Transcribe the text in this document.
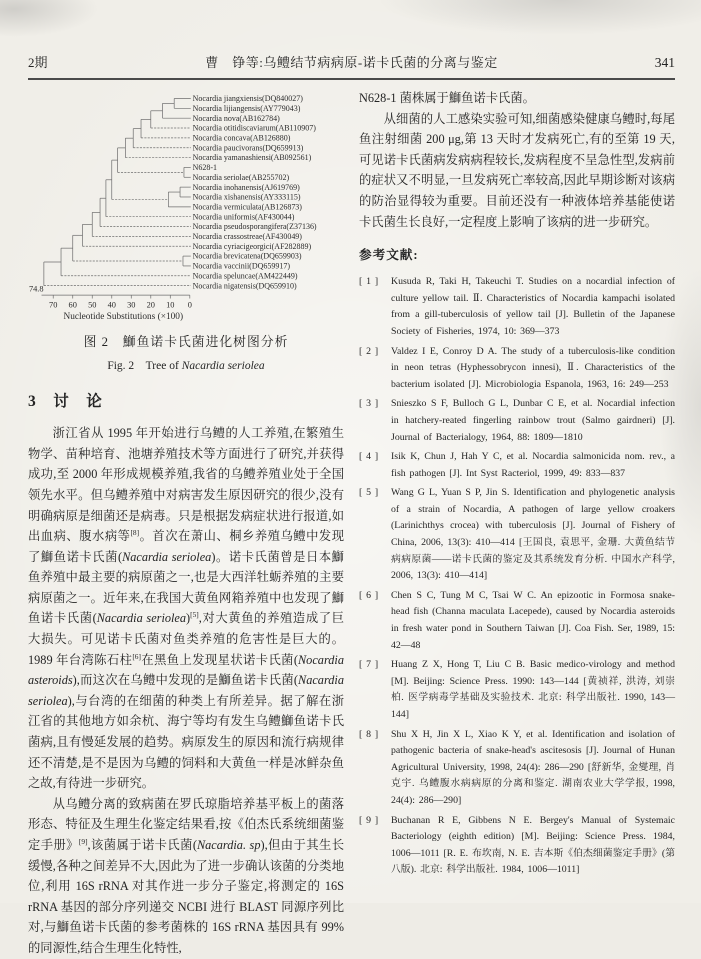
2期	曹　铮等:乌鳢结节病病原-诺卡氏菌的分离与鉴定	341
Nocardia jiangxiensis(DQ840027)
Nocardia lijiangensis(AY779043)
Nocardia nova(AB162784)
Nocardia otitidiscaviarum(AB110907)
Nocardia concava(AB126880)
Nocardia paucivorans(DQ659913)
Nocardia yamanashiensi(AB092561)
N628-1
Nocardia seriolae(AB255702)
Nocardia inohanensis(AJ619769)
Nocardia xishanensis(AY333115)
Nocardia vermiculata(AB126873)
Nocardia uniformis(AF430044)
Nocardia pseudosporangifera(Z37136)
Nocardia crassostreae(AF430049)
Nocardia cyriacigeorgici(AF282889)
Nocardia brevicatena(DQ659903)
Nocardia vaccinii(DQ659917)
Nocardia speluncae(AM422449)
Nocardia nigatensis(DQ659910)
74.8
70 60 50 40 30 20 10 0
Nucleotide Substitutions (×100)
图 2　鰤鱼诺卡氏菌进化树图分析
Fig. 2　Tree of Nacardia seriolea
3　讨　论

浙江省从 1995 年开始进行乌鳢的人工养殖,在繁殖生物学、苗种培育、池塘养殖技术等方面进行了研究,并获得成功,至 2000 年形成规模养殖,我省的乌鳢养殖业处于全国领先水平。但乌鳢养殖中对病害发生原因研究的很少,没有明确病原是细菌还是病毒。只是根据发病症状进行报道,如出血病、腹水病等[8]。首次在萧山、桐乡养殖乌鳢中发现了鰤鱼诺卡氏菌(Nacardia seriolea)。诺卡氏菌曾是日本鰤鱼养殖中最主要的病原菌之一,也是大西洋牡蛎养殖的主要病原菌之一。近年来,在我国大黄鱼网箱养殖中也发现了鰤鱼诺卡氏菌(Nacardia seriolea)[5],对大黄鱼的养殖造成了巨大损失。可见诺卡氏菌对鱼类养殖的危害性是巨大的。1989 年台湾陈石柱[6]在黑鱼上发现星状诺卡氏菌(Nocardia asteroids),而这次在乌鳢中发现的是鰤鱼诺卡氏菌(Nacardia seriolea),与台湾的在细菌的种类上有所差异。据了解在浙江省的其他地方如余杭、海宁等均有发生乌鳢鰤鱼诺卡氏菌病,且有慢延发展的趋势。病原发生的原因和流行病规律还不清楚,是不是因为乌鳢的饲料和大黄鱼一样是冰鲜杂鱼之故,有待进一步研究。

从乌鳢分离的致病菌在罗氏琼脂培养基平板上的菌落形态、特征及生理生化鉴定结果看,按《伯杰氏系统细菌鉴定手册》[9],该菌属于诺卡氏菌(Nacardia. sp),但由于其生长缓慢,各种之间差异不大,因此为了进一步确认该菌的分类地位,利用 16S rRNA 对其作进一步分子鉴定,将测定的 16S rRNA 基因的部分序列递交 NCBI 进行 BLAST 同源序列比对,与鰤鱼诺卡氏菌的参考菌株的 16S rRNA 基因具有 99% 的同源性,结合生理生化特性,

N628-1 菌株属于鰤鱼诺卡氏菌。

从细菌的人工感染实验可知,细菌感染健康乌鳢时,每尾鱼注射细菌 200 μg,第 13 天时才发病死亡,有的至第 19 天,可见诺卡氏菌病发病病程较长,发病程度不呈急性型,发病前的症状又不明显,一旦发病死亡率较高,因此早期诊断对该病的防治显得较为重要。目前还没有一种液体培养基能使诺卡氏菌生长良好,一定程度上影响了该病的进一步研究。

参考文献:
[ 1 ]	Kusuda R, Taki H, Takeuchi T. Studies on a nocardial infection of culture yellow tail. Ⅱ. Characteristics of Nocardia kampachi isolated from a gill-tuberculosis of yellow tail [J]. Bulletin of the Japanese Society of Fisheries, 1974, 10: 369—373
[ 2 ]	Valdez I E, Conroy D A. The study of a tuberculosis-like condition in neon tetras (Hyphessobrycon innesi), Ⅱ. Characteristics of the bacterium isolated [J]. Microbiologia Espanola, 1963, 16: 249—253
[ 3 ]	Snieszko S F, Bulloch G L, Dunbar C E, et al. Nocardial infection in hatchery-reated fingerling rainbow trout (Salmo gairdneri) [J]. Journal of Bacterialogy, 1964, 88: 1809—1810
[ 4 ]	Isik K, Chun J, Hah Y C, et al. Nocardia salmonicida nom. rev., a fish pathogen [J]. Int Syst Racteriol, 1999, 49: 833—837
[ 5 ]	Wang G L, Yuan S P, Jin S. Identification and phylogenetic analysis of a strain of Nocardia, A pathogen of large yellow croakers (Larinichthys crocea) with tuberculosis [J]. Journal of Fishery of China, 2006, 13(3): 410—414 [王国良, 袁思平, 金珊. 大黄鱼结节病病原菌——诺卡氏菌的鉴定及其系统发育分析. 中国水产科学, 2006, 13(3): 410—414]
[ 6 ]	Chen S C, Tung M C, Tsai W C. An epizootic in Formosa snake-head fish (Channa maculata Lacepede), caused by Nocardia asteroids in fresh water pond in Southern Taiwan [J]. Coa Fish. Ser, 1989, 15: 42—48
[ 7 ]	Huang Z X, Hong T, Liu C B. Basic medico-virology and method [M]. Beijing: Science Press. 1990: 143—144 [黄祯祥, 洪涛, 刘崇柏. 医学病毒学基础及实验技术. 北京: 科学出版社. 1990, 143—144]
[ 8 ]	Shu X H, Jin X L, Xiao K Y, et al. Identification and isolation of pathogenic bacteria of snake-head's ascitesosis [J]. Journal of Hunan Agricultural University, 1998, 24(4): 286—290 [舒新华, 金燮理, 肖克宇. 乌鳢腹水病病原的分离和鉴定. 湖南农业大学学报, 1998, 24(4): 286—290]
[ 9 ]	Buchanan R E, Gibbens N E. Bergey's Manual of Systemaic Bacteriology (eighth edition) [M]. Beijing: Science Press. 1984, 1006—1011 [R. E. 布坎南, N. E. 吉本斯《伯杰细菌鉴定手册》(第八版). 北京: 科学出版社. 1984, 1006—1011]
